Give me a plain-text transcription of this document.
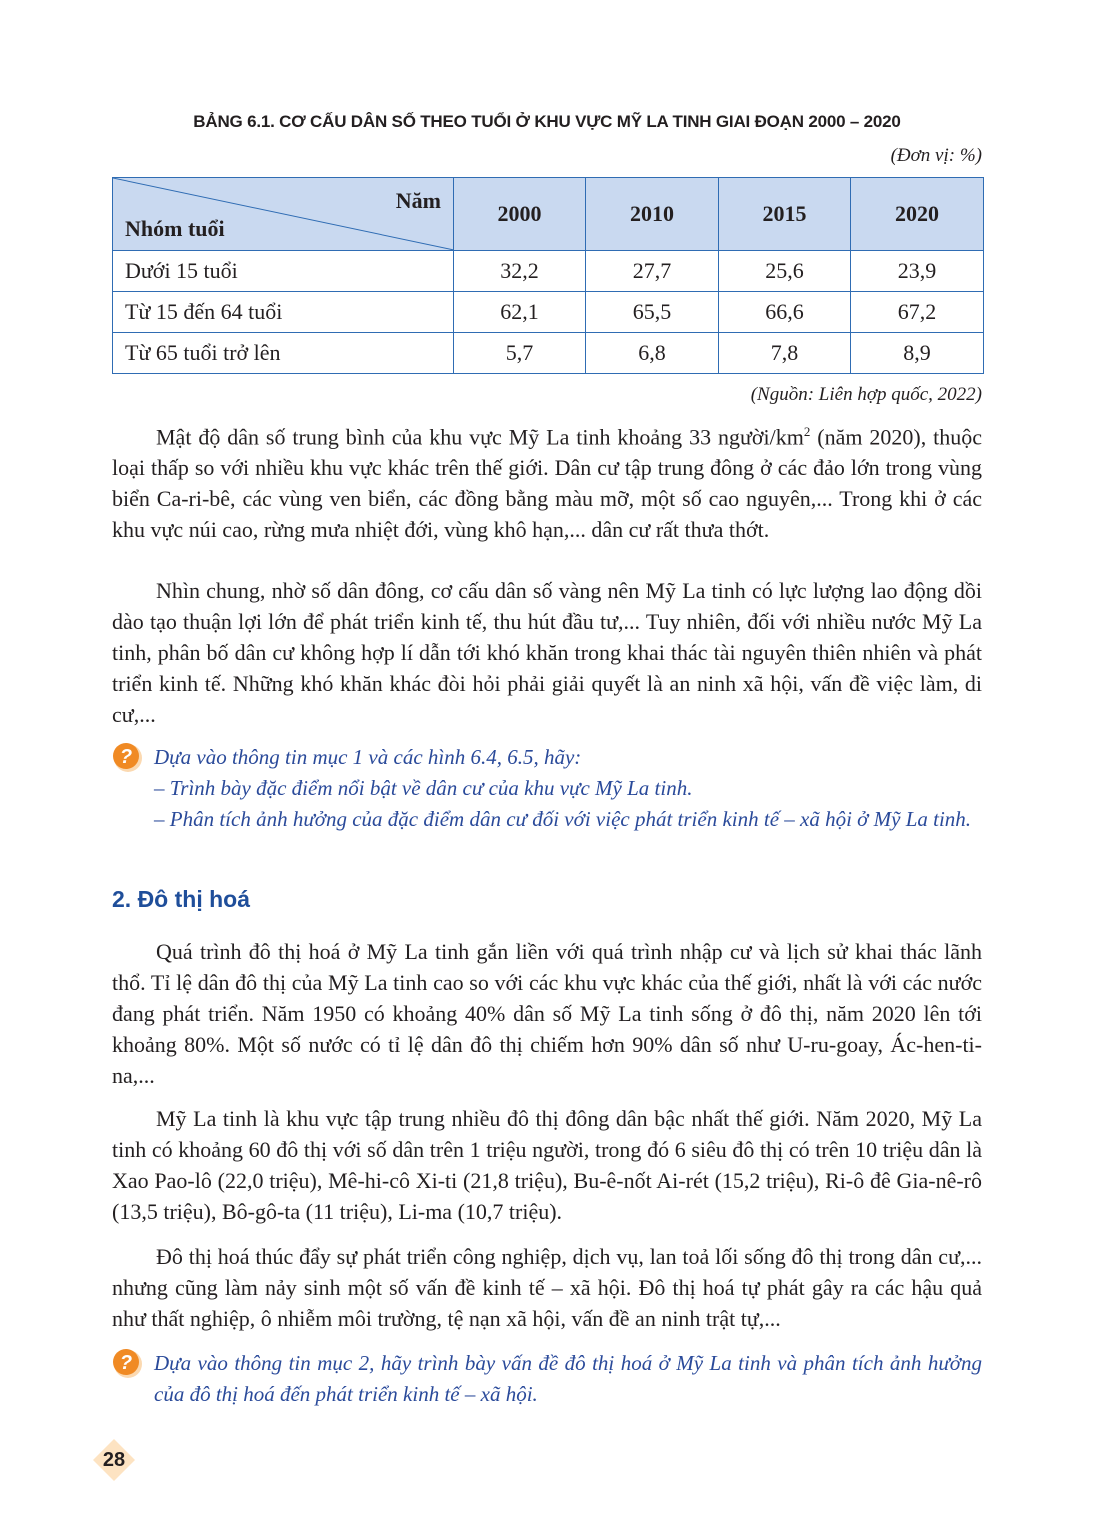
BẢNG 6.1. CƠ CẤU DÂN SỐ THEO TUỔI Ở KHU VỰC MỸ LA TINH GIAI ĐOẠN 2000 – 2020
(Đơn vị: %)
Năm
Nhóm tuổi	2000	2010	2015	2020
Dưới 15 tuổi	32,2	27,7	25,6	23,9
Từ 15 đến 64 tuổi	62,1	65,5	66,6	67,2
Từ 65 tuổi trở lên	5,7	6,8	7,8	8,9
(Nguồn: Liên hợp quốc, 2022)

Mật độ dân số trung bình của khu vực Mỹ La tinh khoảng 33 người/$km^2$ (năm 2020), thuộc loại thấp so với nhiều khu vực khác trên thế giới. Dân cư tập trung đông ở các đảo lớn trong vùng biển Ca-ri-bê, các vùng ven biển, các đồng bằng màu mỡ, một số cao nguyên,... Trong khi ở các khu vực núi cao, rừng mưa nhiệt đới, vùng khô hạn,... dân cư rất thưa thớt.

Nhìn chung, nhờ số dân đông, cơ cấu dân số vàng nên Mỹ La tinh có lực lượng lao động dồi dào tạo thuận lợi lớn để phát triển kinh tế, thu hút đầu tư,... Tuy nhiên, đối với nhiều nước Mỹ La tinh, phân bố dân cư không hợp lí dẫn tới khó khăn trong khai thác tài nguyên thiên nhiên và phát triển kinh tế. Những khó khăn khác đòi hỏi phải giải quyết là an ninh xã hội, vấn đề việc làm, di cư,...

? Dựa vào thông tin mục 1 và các hình 6.4, 6.5, hãy:
– Trình bày đặc điểm nổi bật về dân cư của khu vực Mỹ La tinh.
– Phân tích ảnh hưởng của đặc điểm dân cư đối với việc phát triển kinh tế – xã hội ở Mỹ La tinh.
2. Đô thị hoá

Quá trình đô thị hoá ở Mỹ La tinh gắn liền với quá trình nhập cư và lịch sử khai thác lãnh thổ. Tỉ lệ dân đô thị của Mỹ La tinh cao so với các khu vực khác của thế giới, nhất là với các nước đang phát triển. Năm 1950 có khoảng 40% dân số Mỹ La tinh sống ở đô thị, năm 2020 lên tới khoảng 80%. Một số nước có tỉ lệ dân đô thị chiếm hơn 90% dân số như U-ru-goay, Ác-hen-ti-na,...

Mỹ La tinh là khu vực tập trung nhiều đô thị đông dân bậc nhất thế giới. Năm 2020, Mỹ La tinh có khoảng 60 đô thị với số dân trên 1 triệu người, trong đó 6 siêu đô thị có trên 10 triệu dân là Xao Pao-lô (22,0 triệu), Mê-hi-cô Xi-ti (21,8 triệu), Bu-ê-nốt Ai-rét (15,2 triệu), Ri-ô đê Gia-nê-rô (13,5 triệu), Bô-gô-ta (11 triệu), Li-ma (10,7 triệu).

Đô thị hoá thúc đẩy sự phát triển công nghiệp, dịch vụ, lan toả lối sống đô thị trong dân cư,... nhưng cũng làm nảy sinh một số vấn đề kinh tế – xã hội. Đô thị hoá tự phát gây ra các hậu quả như thất nghiệp, ô nhiễm môi trường, tệ nạn xã hội, vấn đề an ninh trật tự,...

? Dựa vào thông tin mục 2, hãy trình bày vấn đề đô thị hoá ở Mỹ La tinh và phân tích ảnh hưởng của đô thị hoá đến phát triển kinh tế – xã hội.
28
